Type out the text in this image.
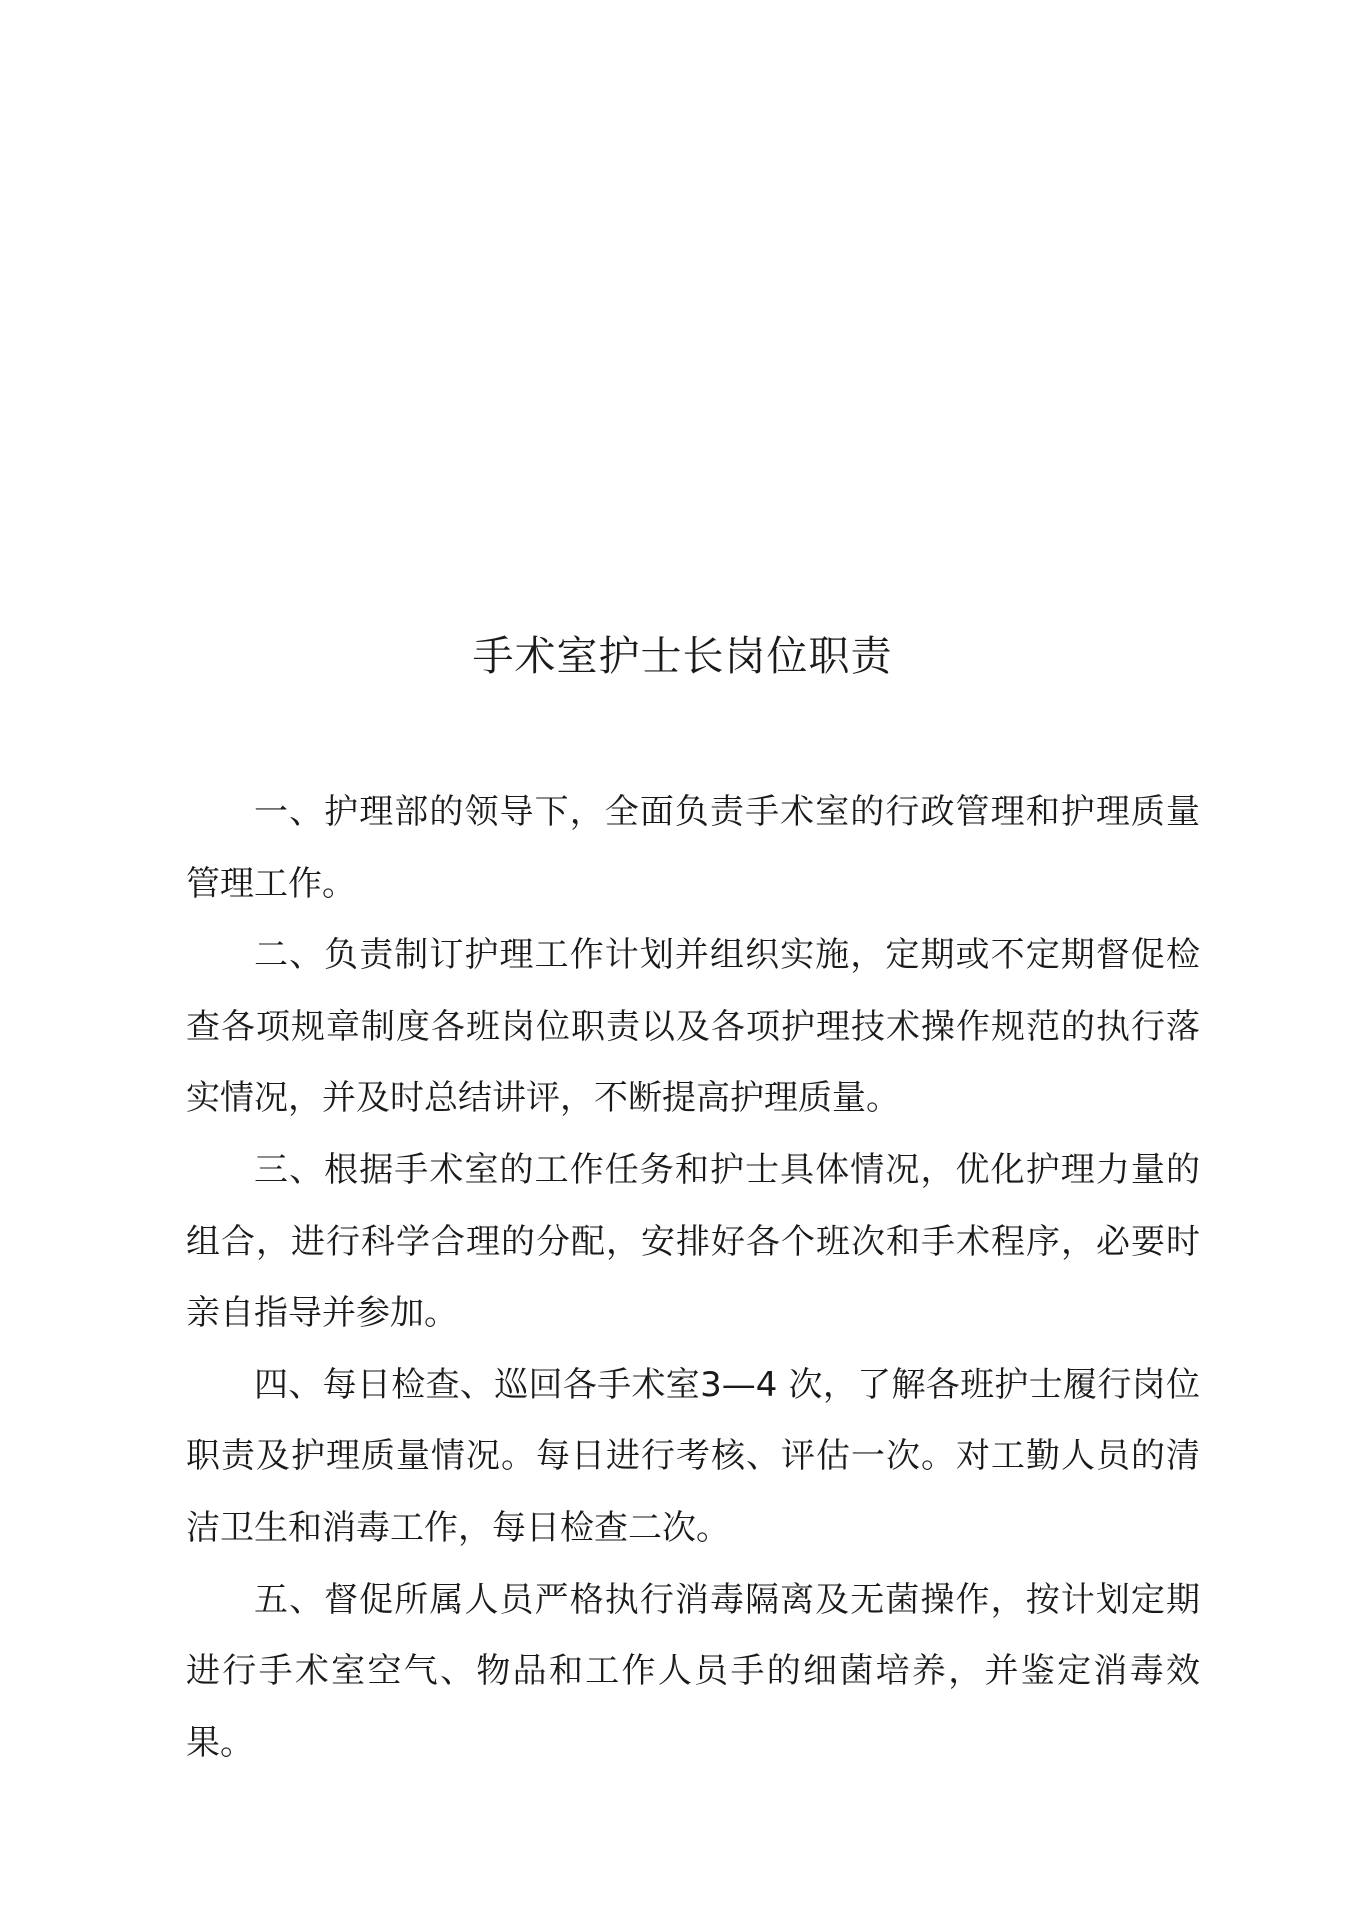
手术室护士长岗位职责

一、护理部的领导下，全面负责手术室的行政管理和护理质量管理工作。

二、负责制订护理工作计划并组织实施，定期或不定期督促检查各项规章制度各班岗位职责以及各项护理技术操作规范的执行落实情况，并及时总结讲评，不断提高护理质量。

三、根据手术室的工作任务和护士具体情况，优化护理力量的组合，进行科学合理的分配，安排好各个班次和手术程序，必要时亲自指导并参加。

四、每日检查、巡回各手术室3—4 次，了解各班护士履行岗位职责及护理质量情况。每日进行考核、评估一次。对工勤人员的清洁卫生和消毒工作，每日检查二次。

五、督促所属人员严格执行消毒隔离及无菌操作，按计划定期进行手术室空气、物品和工作人员手的细菌培养，并鉴定消毒效果。
